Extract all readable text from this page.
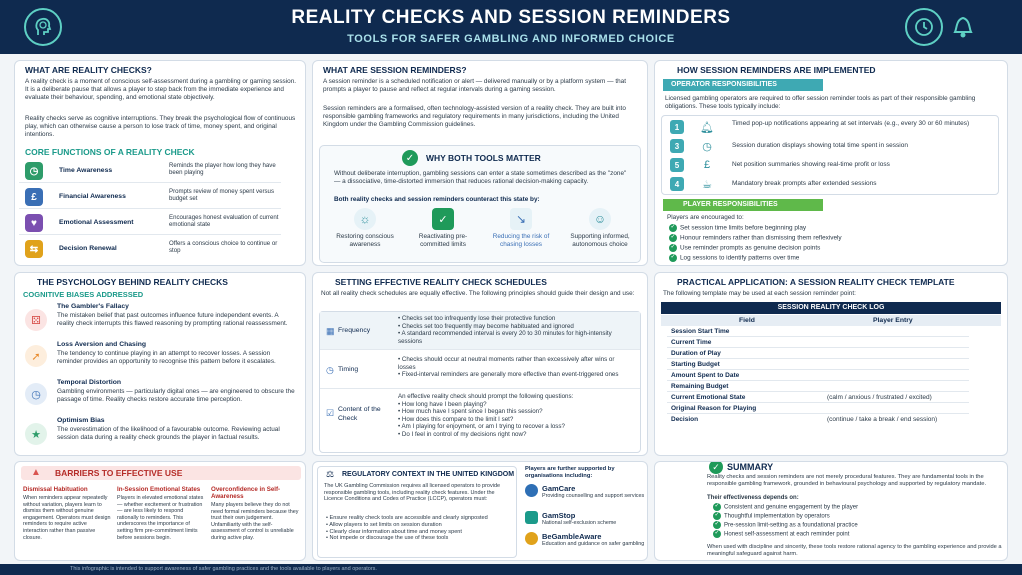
REALITY CHECKS AND SESSION REMINDERS
TOOLS FOR SAFER GAMBLING AND INFORMED CHOICE
WHAT ARE REALITY CHECKS?
A reality check is a moment of conscious self-assessment during a gambling or gaming session. It is a deliberate pause that allows a player to step back from the immediate experience and evaluate their behaviour, spending, and emotional state objectively.
Reality checks serve as cognitive interruptions. They break the psychological flow of continuous play, which can otherwise cause a person to lose track of time, money spent, and original intentions.
CORE FUNCTIONS OF A REALITY CHECK
◷	Time Awareness
Reminds the player how long they have been playing
£	Financial Awareness
Prompts review of money spent versus budget set
♥	Emotional Assessment
Encourages honest evaluation of current emotional state
⇆	Decision Renewal
Offers a conscious choice to continue or stop
WHAT ARE SESSION REMINDERS?
A session reminder is a scheduled notification or alert — delivered manually or by a platform system — that prompts a player to pause and reflect at regular intervals during a gaming session.
Session reminders are a formalised, often technology-assisted version of a reality check. They are built into responsible gambling frameworks and regulatory requirements in many jurisdictions, including the United Kingdom under the Gambling Commission guidelines.
✓	WHY BOTH TOOLS MATTER
Without deliberate interruption, gambling sessions can enter a state sometimes described as the "zone" — a dissociative, time-distorted immersion that reduces rational decision-making capacity.
Both reality checks and session reminders counteract this state by:
☼
Restoring conscious awareness
✓
Reactivating pre-committed limits
↘
Reducing the risk of chasing losses
☺
Supporting informed, autonomous choice
HOW SESSION REMINDERS ARE IMPLEMENTED
OPERATOR RESPONSIBILITIES
Licensed gambling operators are required to offer session reminder tools as part of their responsible gambling obligations. These tools typically include:
1	🔔︎	Timed pop-up notifications appearing at set intervals (e.g., every 30 or 60 minutes)
3	◷	Session duration displays showing total time spent in session
5	£	Net position summaries showing real-time profit or loss
4	☕︎	Mandatory break prompts after extended sessions
PLAYER RESPONSIBILITIES
Players are encouraged to:
✓ Set session time limits before beginning play
✓ Honour reminders rather than dismissing them reflexively
✓ Use reminder prompts as genuine decision points
✓ Log sessions to identify patterns over time
THE PSYCHOLOGY BEHIND REALITY CHECKS
COGNITIVE BIASES ADDRESSED
⚄
The Gambler's Fallacy
The mistaken belief that past outcomes influence future independent events. A reality check interrupts this flawed reasoning by prompting rational reassessment.
➚
Loss Aversion and Chasing
The tendency to continue playing in an attempt to recover losses. A session reminder provides an opportunity to recognise this pattern before it escalates.
◷
Temporal Distortion
Gambling environments — particularly digital ones — are engineered to obscure the passage of time. Reality checks restore accurate time perception.
★
Optimism Bias
The overestimation of the likelihood of a favourable outcome. Reviewing actual session data during a reality check grounds the player in factual results.
SETTING EFFECTIVE REALITY CHECK SCHEDULES
Not all reality check schedules are equally effective. The following principles should guide their design and use:
▦ Frequency
• Checks set too infrequently lose their protective function
• Checks set too frequently may become habituated and ignored
• A standard recommended interval is every 20 to 30 minutes for high-intensity sessions
◷ Timing
• Checks should occur at neutral moments rather than excessively after wins or losses
• Fixed-interval reminders are generally more effective than event-triggered ones
☑ Content of the Check
An effective reality check should prompt the following questions:
• How long have I been playing?
• How much have I spent since I began this session?
• How does this compare to the limit I set?
• Am I playing for enjoyment, or am I trying to recover a loss?
• Do I feel in control of my decisions right now?
PRACTICAL APPLICATION: A SESSION REALITY CHECK TEMPLATE
The following template may be used at each session reminder point:
SESSION REALITY CHECK LOG
Field	Player Entry
Session Start Time
Current Time
Duration of Play
Starting Budget
Amount Spent to Date
Remaining Budget
Current Emotional State	(calm / anxious / frustrated / excited)
Original Reason for Playing
Decision	(continue / take a break / end session)
▲ BARRIERS TO EFFECTIVE USE
Dismissal Habituation
When reminders appear repeatedly without variation, players learn to dismiss them without genuine engagement. Operators must design reminders to require active interaction rather than passive closure.
In-Session Emotional States
Players in elevated emotional states — whether excitement or frustration — are less likely to respond rationally to reminders. This underscores the importance of setting firm pre-commitment limits before sessions begin.
Overconfidence in Self-Awareness
Many players believe they do not need formal reminders because they trust their own judgement. Unfamiliarity with the self-assessment of control is unreliable during active play.
⚖ REGULATORY CONTEXT IN THE UNITED KINGDOM
The UK Gambling Commission requires all licensed operators to provide responsible gambling tools, including reality check features. Under the Licence Conditions and Codes of Practice (LCCP), operators must:
• Ensure reality check tools are accessible and clearly signposted
• Allow players to set limits on session duration
• Clearly clear information about time and money spent
• Not impede or discourage the use of these tools
Players are further supported by organisations including:
GamCare
Providing counselling and support services
GamStop
National self-exclusion scheme
BeGambleAware
Education and guidance on safer gambling
✓ SUMMARY
Reality checks and session reminders are not merely procedural features. They are fundamental tools in the responsible gambling framework, grounded in behavioural psychology and supported by regulatory mandate.
Their effectiveness depends on:
✓ Consistent and genuine engagement by the player
✓ Thoughtful implementation by operators
✓ Pre-session limit-setting as a foundational practice
✓ Honest self-assessment at each reminder point
When used with discipline and sincerity, these tools restore rational agency to the gambling experience and provide a meaningful safeguard against harm.
This infographic is intended to support awareness of safer gambling practices and the tools available to players and operators.
